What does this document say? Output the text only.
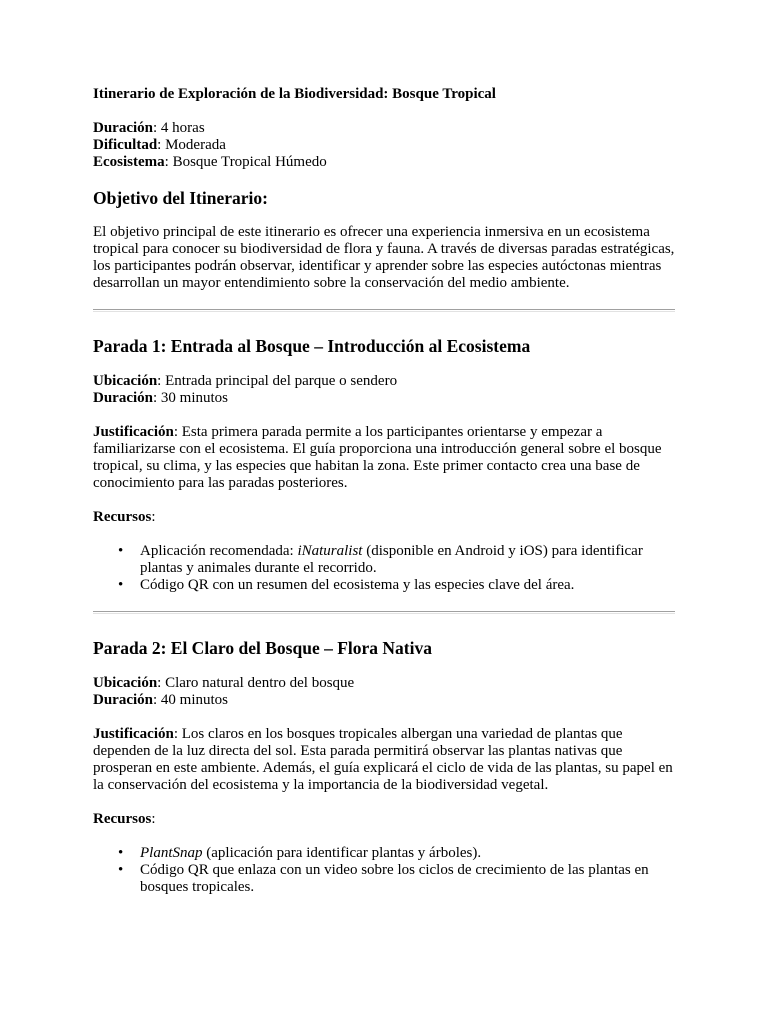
Itinerario de Exploración de la Biodiversidad: Bosque Tropical

Duración: 4 horas

Dificultad: Moderada

Ecosistema: Bosque Tropical Húmedo

Objetivo del Itinerario:

El objetivo principal de este itinerario es ofrecer una experiencia inmersiva en un ecosistema tropical para conocer su biodiversidad de flora y fauna. A través de diversas paradas estratégicas, los participantes podrán observar, identificar y aprender sobre las especies autóctonas mientras desarrollan un mayor entendimiento sobre la conservación del medio ambiente.

Parada 1: Entrada al Bosque – Introducción al Ecosistema

Ubicación: Entrada principal del parque o sendero

Duración: 30 minutos

Justificación: Esta primera parada permite a los participantes orientarse y empezar a familiarizarse con el ecosistema. El guía proporciona una introducción general sobre el bosque tropical, su clima, y las especies que habitan la zona. Este primer contacto crea una base de conocimiento para las paradas posteriores.

Recursos:

• Aplicación recomendada: iNaturalist (disponible en Android y iOS) para identificar plantas y animales durante el recorrido.
• Código QR con un resumen del ecosistema y las especies clave del área.
Parada 2: El Claro del Bosque – Flora Nativa

Ubicación: Claro natural dentro del bosque

Duración: 40 minutos

Justificación: Los claros en los bosques tropicales albergan una variedad de plantas que dependen de la luz directa del sol. Esta parada permitirá observar las plantas nativas que prosperan en este ambiente. Además, el guía explicará el ciclo de vida de las plantas, su papel en la conservación del ecosistema y la importancia de la biodiversidad vegetal.

Recursos:

• PlantSnap (aplicación para identificar plantas y árboles).
• Código QR que enlaza con un video sobre los ciclos de crecimiento de las plantas en bosques tropicales.
